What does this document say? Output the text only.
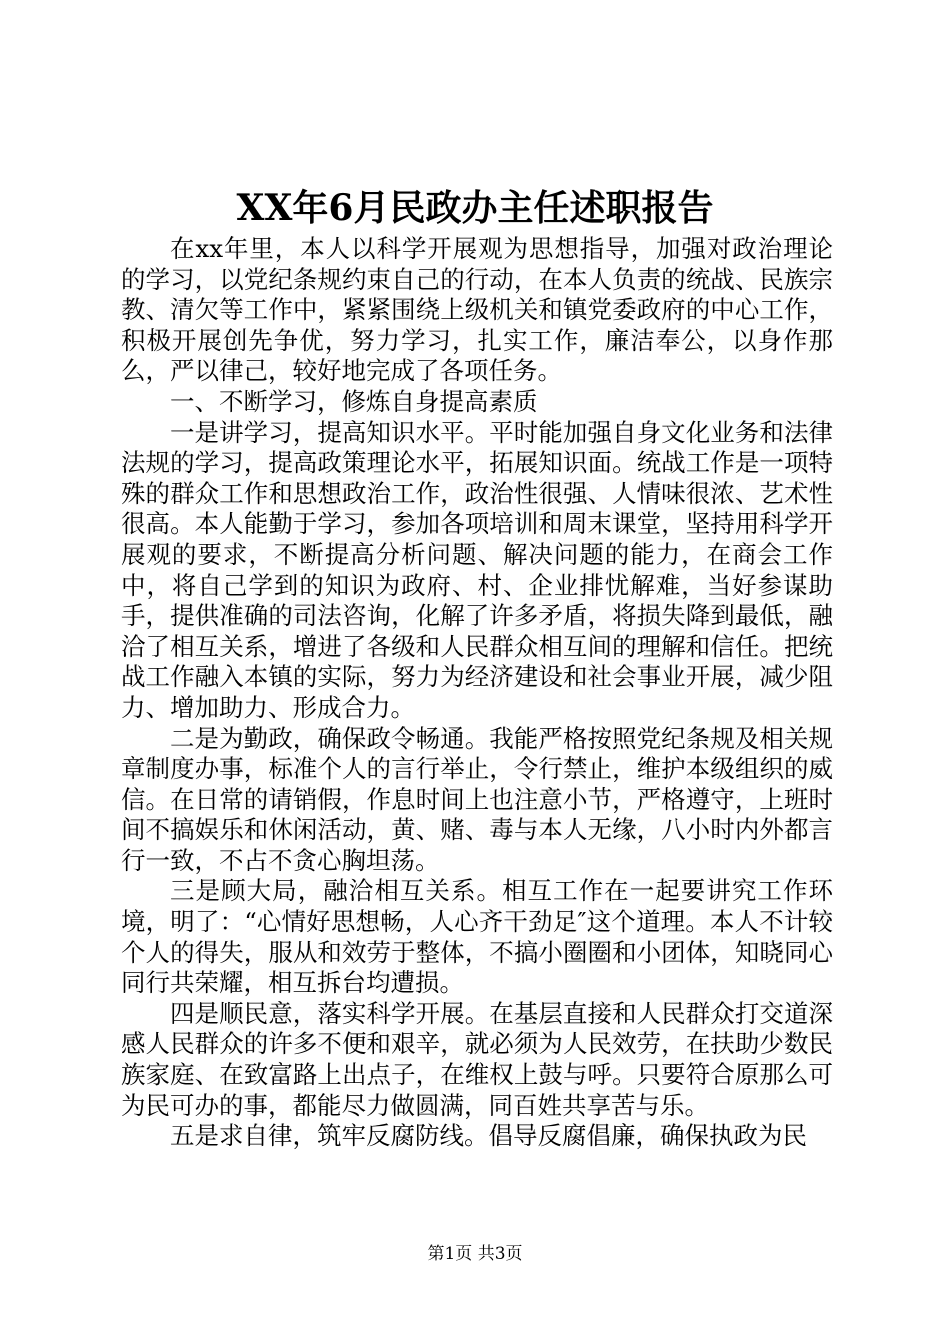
XX年6月民政办主任述职报告

在xx年里，本人以科学开展观为思想指导，加强对政治理论的学习，以党纪条规约束自己的行动，在本人负责的统战、民族宗教、清欠等工作中，紧紧围绕上级机关和镇党委政府的中心工作，积极开展创先争优，努力学习，扎实工作，廉洁奉公，以身作那么，严以律己，较好地完成了各项任务。

一、不断学习，修炼自身提高素质

一是讲学习，提高知识水平。平时能加强自身文化业务和法律法规的学习，提高政策理论水平，拓展知识面。统战工作是一项特殊的群众工作和思想政治工作，政治性很强、人情味很浓、艺术性很高。本人能勤于学习，参加各项培训和周末课堂，坚持用科学开展观的要求，不断提高分析问题、解决问题的能力，在商会工作中，将自己学到的知识为政府、村、企业排忧解难，当好参谋助手，提供准确的司法咨询，化解了许多矛盾，将损失降到最低，融洽了相互关系，增进了各级和人民群众相互间的理解和信任。把统战工作融入本镇的实际，努力为经济建设和社会事业开展，减少阻力、增加助力、形成合力。

二是为勤政，确保政令畅通。我能严格按照党纪条规及相关规章制度办事，标准个人的言行举止，令行禁止，维护本级组织的威信。在日常的请销假，作息时间上也注意小节，严格遵守，上班时间不搞娱乐和休闲活动，黄、赌、毒与本人无缘，八小时内外都言行一致，不占不贪心胸坦荡。

三是顾大局，融洽相互关系。相互工作在一起要讲究工作环境，明了：“心情好思想畅，人心齐干劲足″这个道理。本人不计较个人的得失，服从和效劳于整体，不搞小圈圈和小团体，知晓同心同行共荣耀，相互拆台均遭损。

四是顺民意，落实科学开展。在基层直接和人民群众打交道深感人民群众的许多不便和艰辛，就必须为人民效劳，在扶助少数民族家庭、在致富路上出点子，在维权上鼓与呼。只要符合原那么可为民可办的事，都能尽力做圆满，同百姓共享苦与乐。

五是求自律，筑牢反腐防线。倡导反腐倡廉，确保执政为民

第1页 共3页
